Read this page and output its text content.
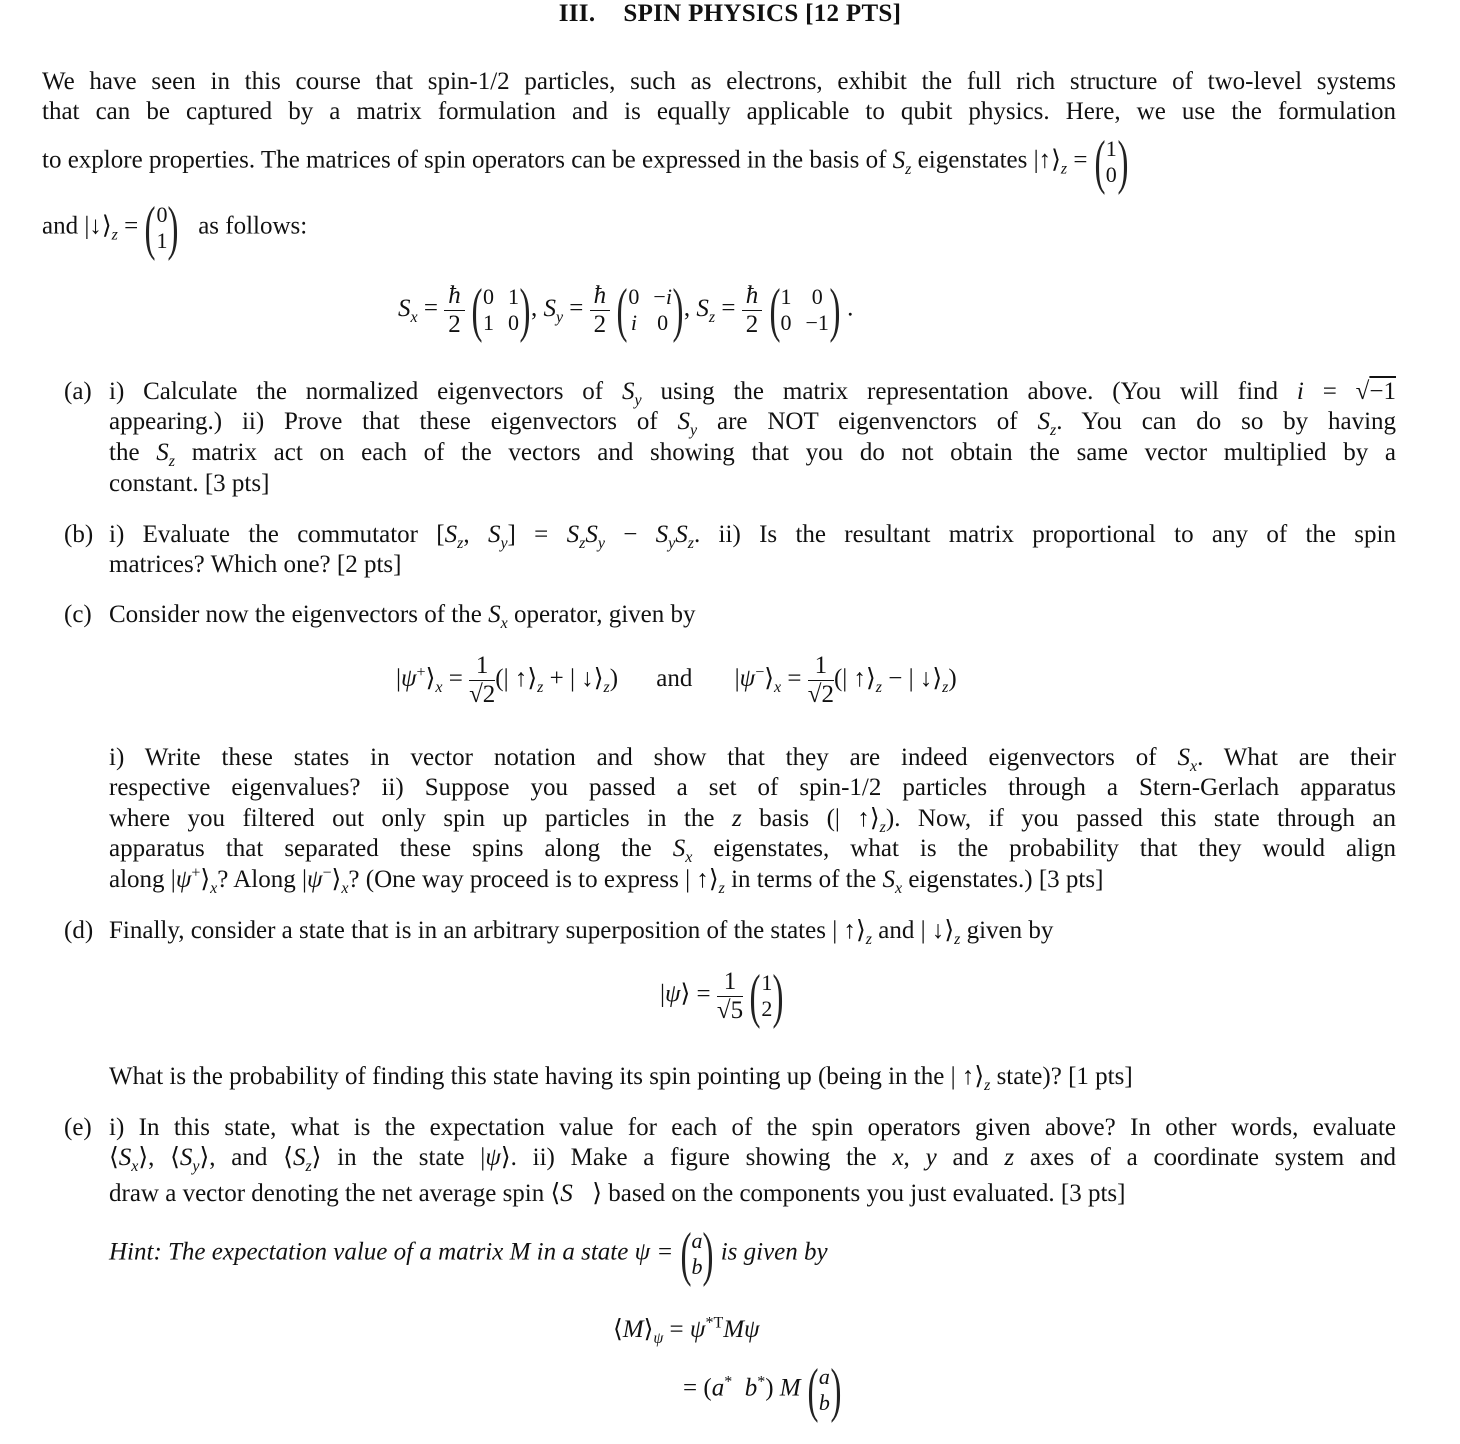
III. SPIN PHYSICS [12 PTS]
We have seen in this course that spin-1/2 particles, such as electrons, exhibit the full rich structure of two-level systems
that can be captured by a matrix formulation and is equally applicable to qubit physics. Here, we use the formulation
to explore properties. The matrices of spin operators can be expressed in the basis of $S_z$ eigenstates $|↑⟩_z = (1$
0)
and $|↓⟩_z = (0$
1) as follows:
$S_x = \frac{ħ}{2}$ ( 0 1
1 0 ), $S_y = \frac{ħ}{2}$ ( 0 −i
i 0 ), $S_z = \frac{ħ}{2}$ ( 1 0
0 −1 ) .
(a) i) Calculate the normalized eigenvectors of $S_y$ using the matrix representation above. (You will find i = √−1
appearing.) ii) Prove that these eigenvectors of $S_y$ are NOT eigenvenctors of $S_z$. You can do so by having
the $S_z$ matrix act on each of the vectors and showing that you do not obtain the same vector multiplied by a
constant. [3 pts]
(b) i) Evaluate the commutator [$S_z$, $S_y] = S_zS_y - S_yS_z$. ii) Is the resultant matrix proportional to any of the spin
matrices? Which one? [2 pts]
(c) Consider now the eigenvectors of the $S_x$ operator, given by
$|\psi^+⟩_x = \frac{1}{√2}$ (| $↑⟩_z$ + | $↓⟩_z$) and $|\psi^-⟩_x = \frac{1}{√2}$ (| $↑⟩_z$ − | $↓⟩_z$)
i) Write these states in vector notation and show that they are indeed eigenvectors of $S_x$. What are their
respective eigenvalues? ii) Suppose you passed a set of spin-1/2 particles through a Stern-Gerlach apparatus
where you filtered out only spin up particles in the z basis (| $↑⟩_z$). Now, if you passed this state through an
apparatus that separated these spins along the $S_x$ eigenstates, what is the probability that they would align
along $|\psi^+⟩_x$? Along $|\psi^-⟩_x$? (One way proceed is to express | $↑⟩_z$ in terms of the $S_x$ eigenstates.) [3 pts]
(d) Finally, consider a state that is in an arbitrary superposition of the states | $↑⟩_z$ and | $↓⟩_z$ given by
|ψ⟩ = $\frac{1}{√5} (1$
2)
What is the probability of finding this state having its spin pointing up (being in the | $↑⟩_z$ state)? [1 pts]
(e) i) In this state, what is the expectation value for each of the spin operators given above? In other words, evaluate
$⟨S_x⟩$, $⟨S_y⟩$, and $⟨S_z⟩$ in the state |ψ⟩. ii) Make a figure showing the x, y and z axes of a coordinate system and
draw a vector denoting the net average spin ⟨S⃗⟩ based on the components you just evaluated. [3 pts]
Hint: The expectation value of a matrix M in a state ψ = (a
b) is given by
$⟨M⟩_\psi = \psi^{*T}M\psi$
= (a* b*) M (a
b)
